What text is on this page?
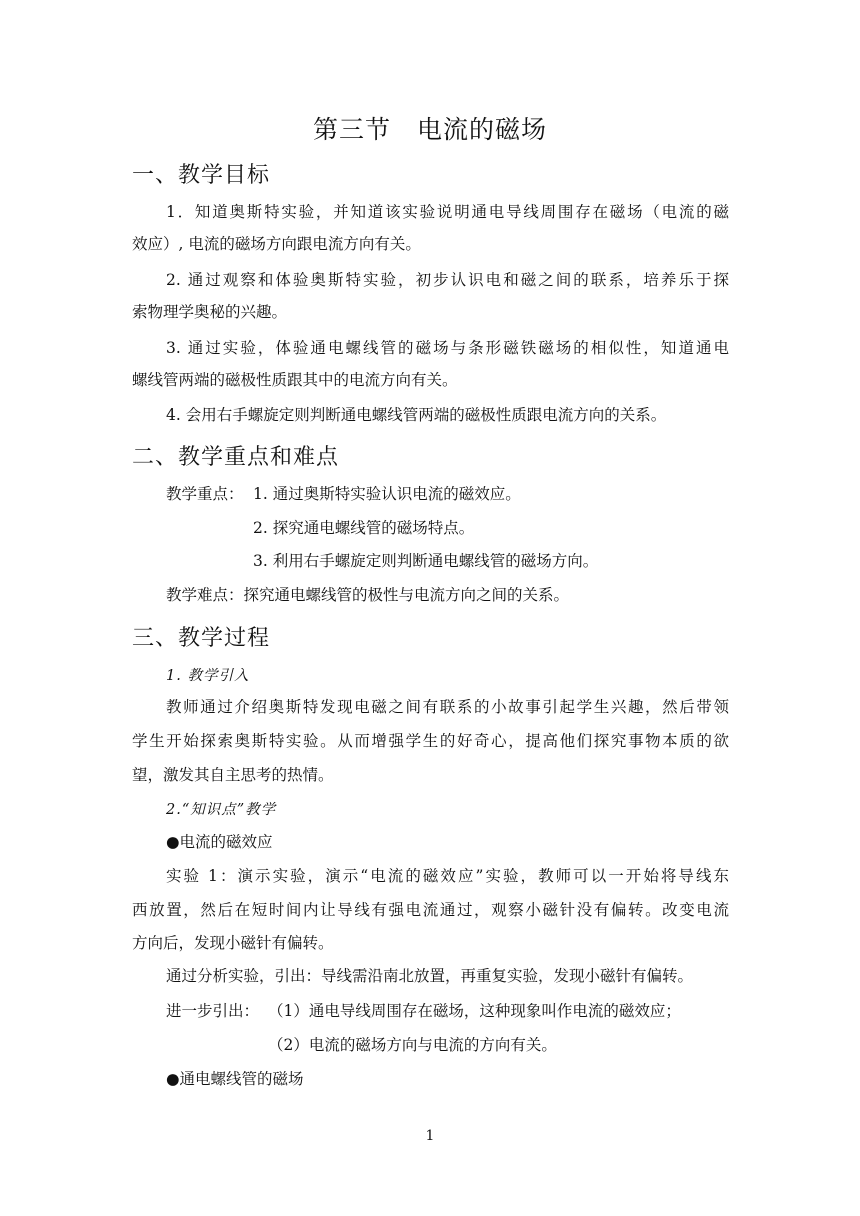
第三节　电流的磁场
一、教学目标
1．知道奥斯特实验，并知道该实验说明通电导线周围存在磁场（电流的磁
效应）, 电流的磁场方向跟电流方向有关。
2. 通过观察和体验奥斯特实验，初步认识电和磁之间的联系，培养乐于探
索物理学奥秘的兴趣。
3. 通过实验，体验通电螺线管的磁场与条形磁铁磁场的相似性，知道通电
螺线管两端的磁极性质跟其中的电流方向有关。
4. 会用右手螺旋定则判断通电螺线管两端的磁极性质跟电流方向的关系。
二、教学重点和难点
教学重点： 1. 通过奥斯特实验认识电流的磁效应。
2. 探究通电螺线管的磁场特点。
3. 利用右手螺旋定则判断通电螺线管的磁场方向。
教学难点：探究通电螺线管的极性与电流方向之间的关系。
三、教学过程
1. 教学引入
教师通过介绍奥斯特发现电磁之间有联系的小故事引起学生兴趣，然后带领
学生开始探索奥斯特实验。从而增强学生的好奇心，提高他们探究事物本质的欲
望，激发其自主思考的热情。
2.“知识点”教学
●电流的磁效应
实验 1：演示实验，演示“电流的磁效应”实验，教师可以一开始将导线东
西放置，然后在短时间内让导线有强电流通过，观察小磁针没有偏转。改变电流
方向后，发现小磁针有偏转。
通过分析实验，引出：导线需沿南北放置，再重复实验，发现小磁针有偏转。
进一步引出： （1）通电导线周围存在磁场，这种现象叫作电流的磁效应；
（2）电流的磁场方向与电流的方向有关。
●通电螺线管的磁场
1
